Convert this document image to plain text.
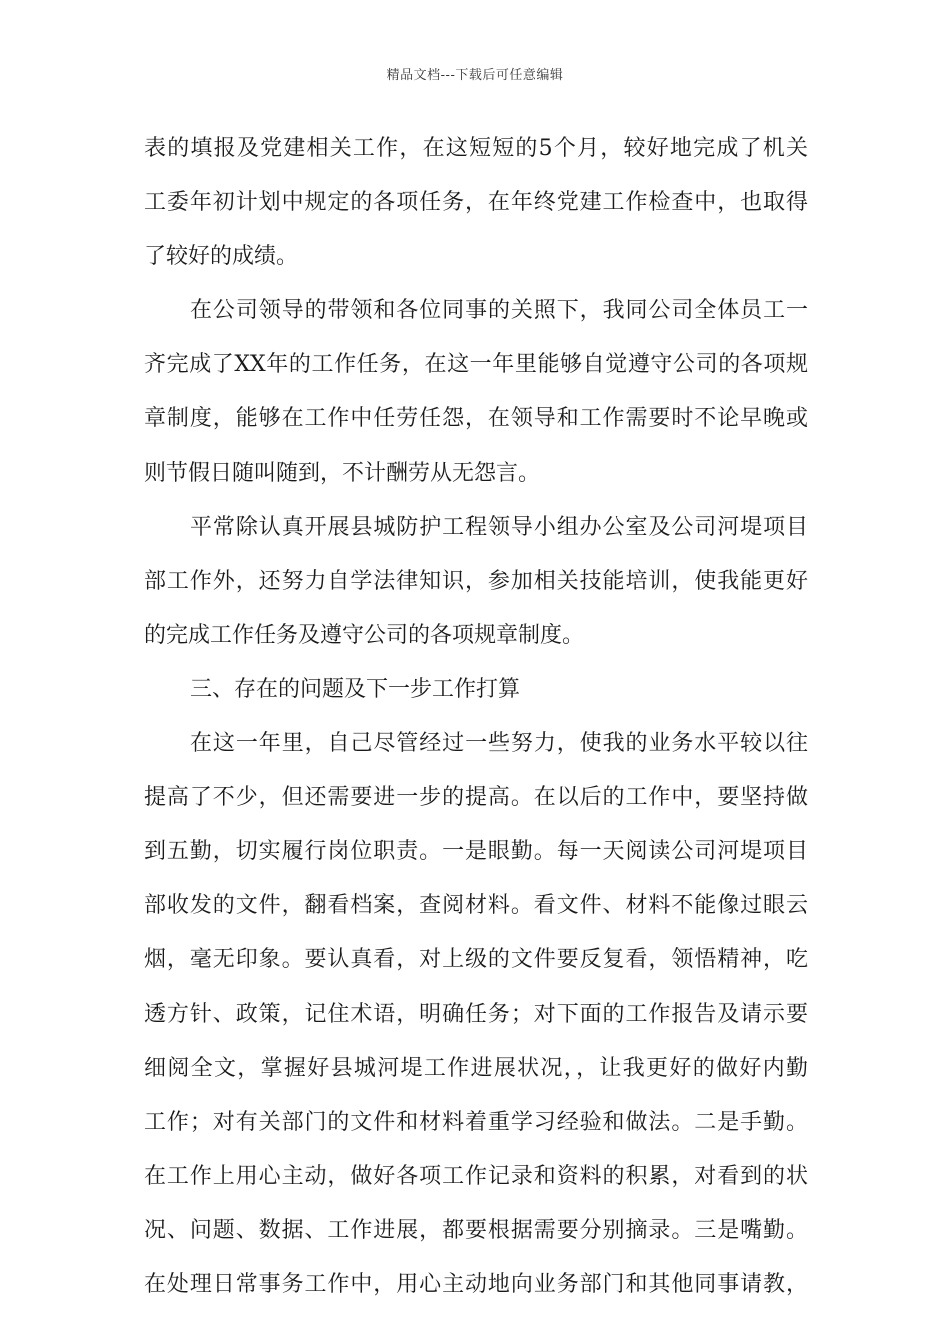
精品文档---下载后可任意编辑
表的填报及党建相关工作，在这短短的5个月，较好地完成了机关
工委年初计划中规定的各项任务，在年终党建工作检查中，也取得
了较好的成绩。
在公司领导的带领和各位同事的关照下，我同公司全体员工一
齐完成了XX年的工作任务，在这一年里能够自觉遵守公司的各项规
章制度，能够在工作中任劳任怨，在领导和工作需要时不论早晚或
则节假日随叫随到，不计酬劳从无怨言。
平常除认真开展县城防护工程领导小组办公室及公司河堤项目
部工作外，还努力自学法律知识，参加相关技能培训，使我能更好
的完成工作任务及遵守公司的各项规章制度。
三、存在的问题及下一步工作打算
在这一年里，自己尽管经过一些努力，使我的业务水平较以往
提高了不少，但还需要进一步的提高。在以后的工作中，要坚持做
到五勤，切实履行岗位职责。一是眼勤。每一天阅读公司河堤项目
部收发的文件，翻看档案，查阅材料。看文件、材料不能像过眼云
烟，毫无印象。要认真看，对上级的文件要反复看，领悟精神，吃
透方针、政策，记住术语，明确任务；对下面的工作报告及请示要
细阅全文，掌握好县城河堤工作进展状况，，让我更好的做好内勤
工作；对有关部门的文件和材料着重学习经验和做法。二是手勤。
在工作上用心主动，做好各项工作记录和资料的积累，对看到的状
况、问题、数据、工作进展，都要根据需要分别摘录。三是嘴勤。
在处理日常事务工作中，用心主动地向业务部门和其他同事请教，
